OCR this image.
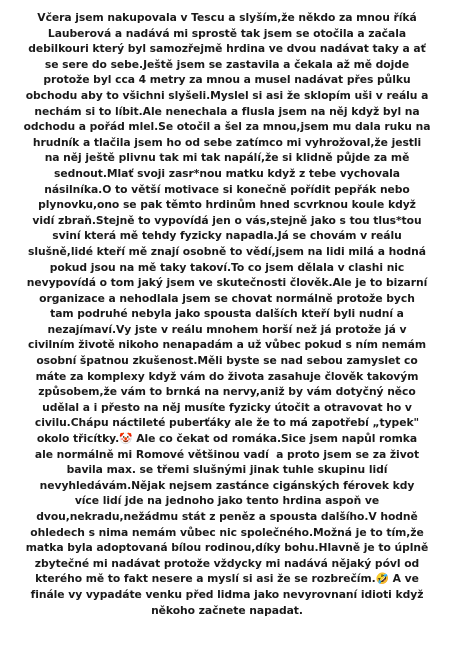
Včera jsem nakupovala v Tescu a slyším,že někdo za mnou říká
Lauberová a nadává mi sprostě tak jsem se otočila a začala
debilkouri který byl samozřejmě hrdina ve dvou nadávat taky a ať
se sere do sebe.Ještě jsem se zastavila a čekala až mě dojde
protože byl cca 4 metry za mnou a musel nadávat přes půlku
obchodu aby to všichni slyšeli.Myslel si asi že sklopím uši v reálu a
nechám si to líbit.Ale nenechala a flusla jsem na něj když byl na
odchodu a pořád mlel.Se otočil a šel za mnou,jsem mu dala ruku na
hrudník a tlačila jsem ho od sebe zatímco mi vyhrožoval,že jestli
na něj ještě plivnu tak mi tak napálí,že si klidně půjde za mě
sednout.Mlať svoji zasr*nou matku když z tebe vychovala
násilníka.O to větší motivace si konečně pořídit pepřák nebo
plynovku,ono se pak těmto hrdinům hned scvrknou koule když
vidí zbraň.Stejně to vypovídá jen o vás,stejně jako s tou tlus*tou
sviní která mě tehdy fyzicky napadla.Já se chovám v reálu
slušně,lidé kteří mě znají osobně to vědí,jsem na lidi milá a hodná
pokud jsou na mě taky takoví.To co jsem dělala v clashi nic
nevypovídá o tom jaký jsem ve skutečnosti člověk.Ale je to bizarní
organizace a nehodlala jsem se chovat normálně protože bych
tam podruhé nebyla jako spousta dalších kteří byli nudní a
nezajímaví.Vy jste v reálu mnohem horší než já protože já v
civilním životě nikoho nenapadám a už vůbec pokud s ním nemám
osobní špatnou zkušenost.Měli byste se nad sebou zamyslet co
máte za komplexy když vám do života zasahuje člověk takovým
způsobem,že vám to brnká na nervy,aniž by vám dotyčný něco
udělal a i přesto na něj musíte fyzicky útočit a otravovat ho v
civilu.Chápu náctileté puberťáky ale že to má zapotřebí „typek"
okolo třicítky.🤡 Ale co čekat od romáka.Sice jsem napůl romka
ale normálně mi Romové většinou vadí  a proto jsem se za život
bavila max. se třemi slušnými jinak tuhle skupinu lidí
nevyhledávám.Nějak nejsem zastánce cigánských férovek kdy
více lidí jde na jednoho jako tento hrdina aspoň ve
dvou,nekradu,nežádmu stát z peněz a spousta dalšího.V hodně
ohledech s nima nemám vůbec nic společného.Možná je to tím,že
matka byla adoptovaná bílou rodinou,díky bohu.Hlavně je to úplně
zbytečné mi nadávat protože vždycky mi nadává nějaký póvl od
kterého mě to fakt nesere a myslí si asi že se rozbrečím.🤣 A ve
finále vy vypadáte venku před lidma jako nevyrovnaní idioti když
někoho začnete napadat.
